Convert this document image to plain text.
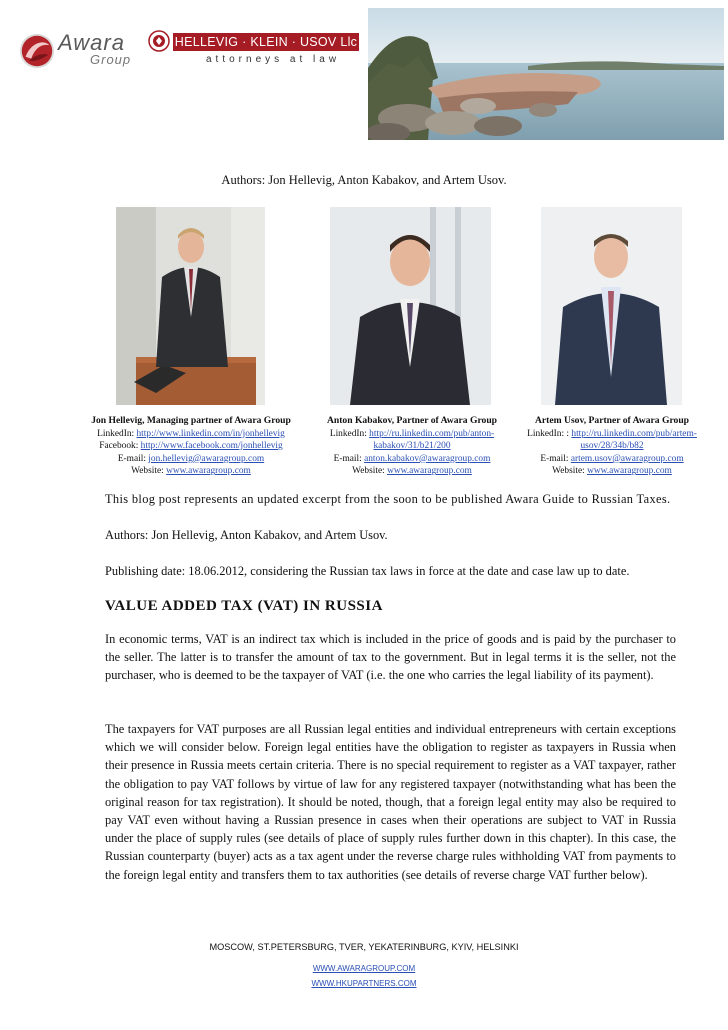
Awara
Group
HELLEVIG · KLEIN · USOV Llc
attorneys at law
Authors: Jon Hellevig, Anton Kabakov, and Artem Usov.
Jon Hellevig, Managing partner of Awara Group
LinkedIn: http://www.linkedin.com/in/jonhellevig
Facebook: http://www.facebook.com/jonhellevig
E-mail: jon.hellevig@awaragroup.com
Website: www.awaragroup.com
Anton Kabakov, Partner of Awara Group
LinkedIn: http://ru.linkedin.com/pub/anton-
kabakov/31/b21/200
E-mail: anton.kabakov@awaragroup.com
Website: www.awaragroup.com
Artem Usov, Partner of Awara Group
LinkedIn: : http://ru.linkedin.com/pub/artem-
usov/28/34b/b82
E-mail: artem.usov@awaragroup.com
Website: www.awaragroup.com
This blog post represents an updated excerpt from the soon to be published Awara Guide to Russian Taxes.
Authors: Jon Hellevig, Anton Kabakov, and Artem Usov.
Publishing date: 18.06.2012, considering the Russian tax laws in force at the date and case law up to date.
VALUE ADDED TAX (VAT) IN RUSSIA
In economic terms, VAT is an indirect tax which is included in the price of goods and is paid by the purchaser to the seller. The latter is to transfer the amount of tax to the government. But in legal terms it is the seller, not the purchaser, who is deemed to be the taxpayer of VAT (i.e. the one who carries the legal liability of its payment).
The taxpayers for VAT purposes are all Russian legal entities and individual entrepreneurs with certain exceptions which we will consider below. Foreign legal entities have the obligation to register as taxpayers in Russia when their presence in Russia meets certain criteria. There is no special requirement to register as a VAT taxpayer, rather the obligation to pay VAT follows by virtue of law for any registered taxpayer (notwithstanding what has been the original reason for tax registration). It should be noted, though, that a foreign legal entity may also be required to pay VAT even without having a Russian presence in cases when their operations are subject to VAT in Russia under the place of supply rules (see details of place of supply rules further down in this chapter). In this case, the Russian counterparty (buyer) acts as a tax agent under the reverse charge rules withholding VAT from payments to the foreign legal entity and transfers them to tax authorities (see details of reverse charge VAT further below).
MOSCOW, ST.PETERSBURG, TVER, YEKATERINBURG, KYIV, HELSINKI
WWW.AWARAGROUP.COM
WWW.HKUPARTNERS.COM
